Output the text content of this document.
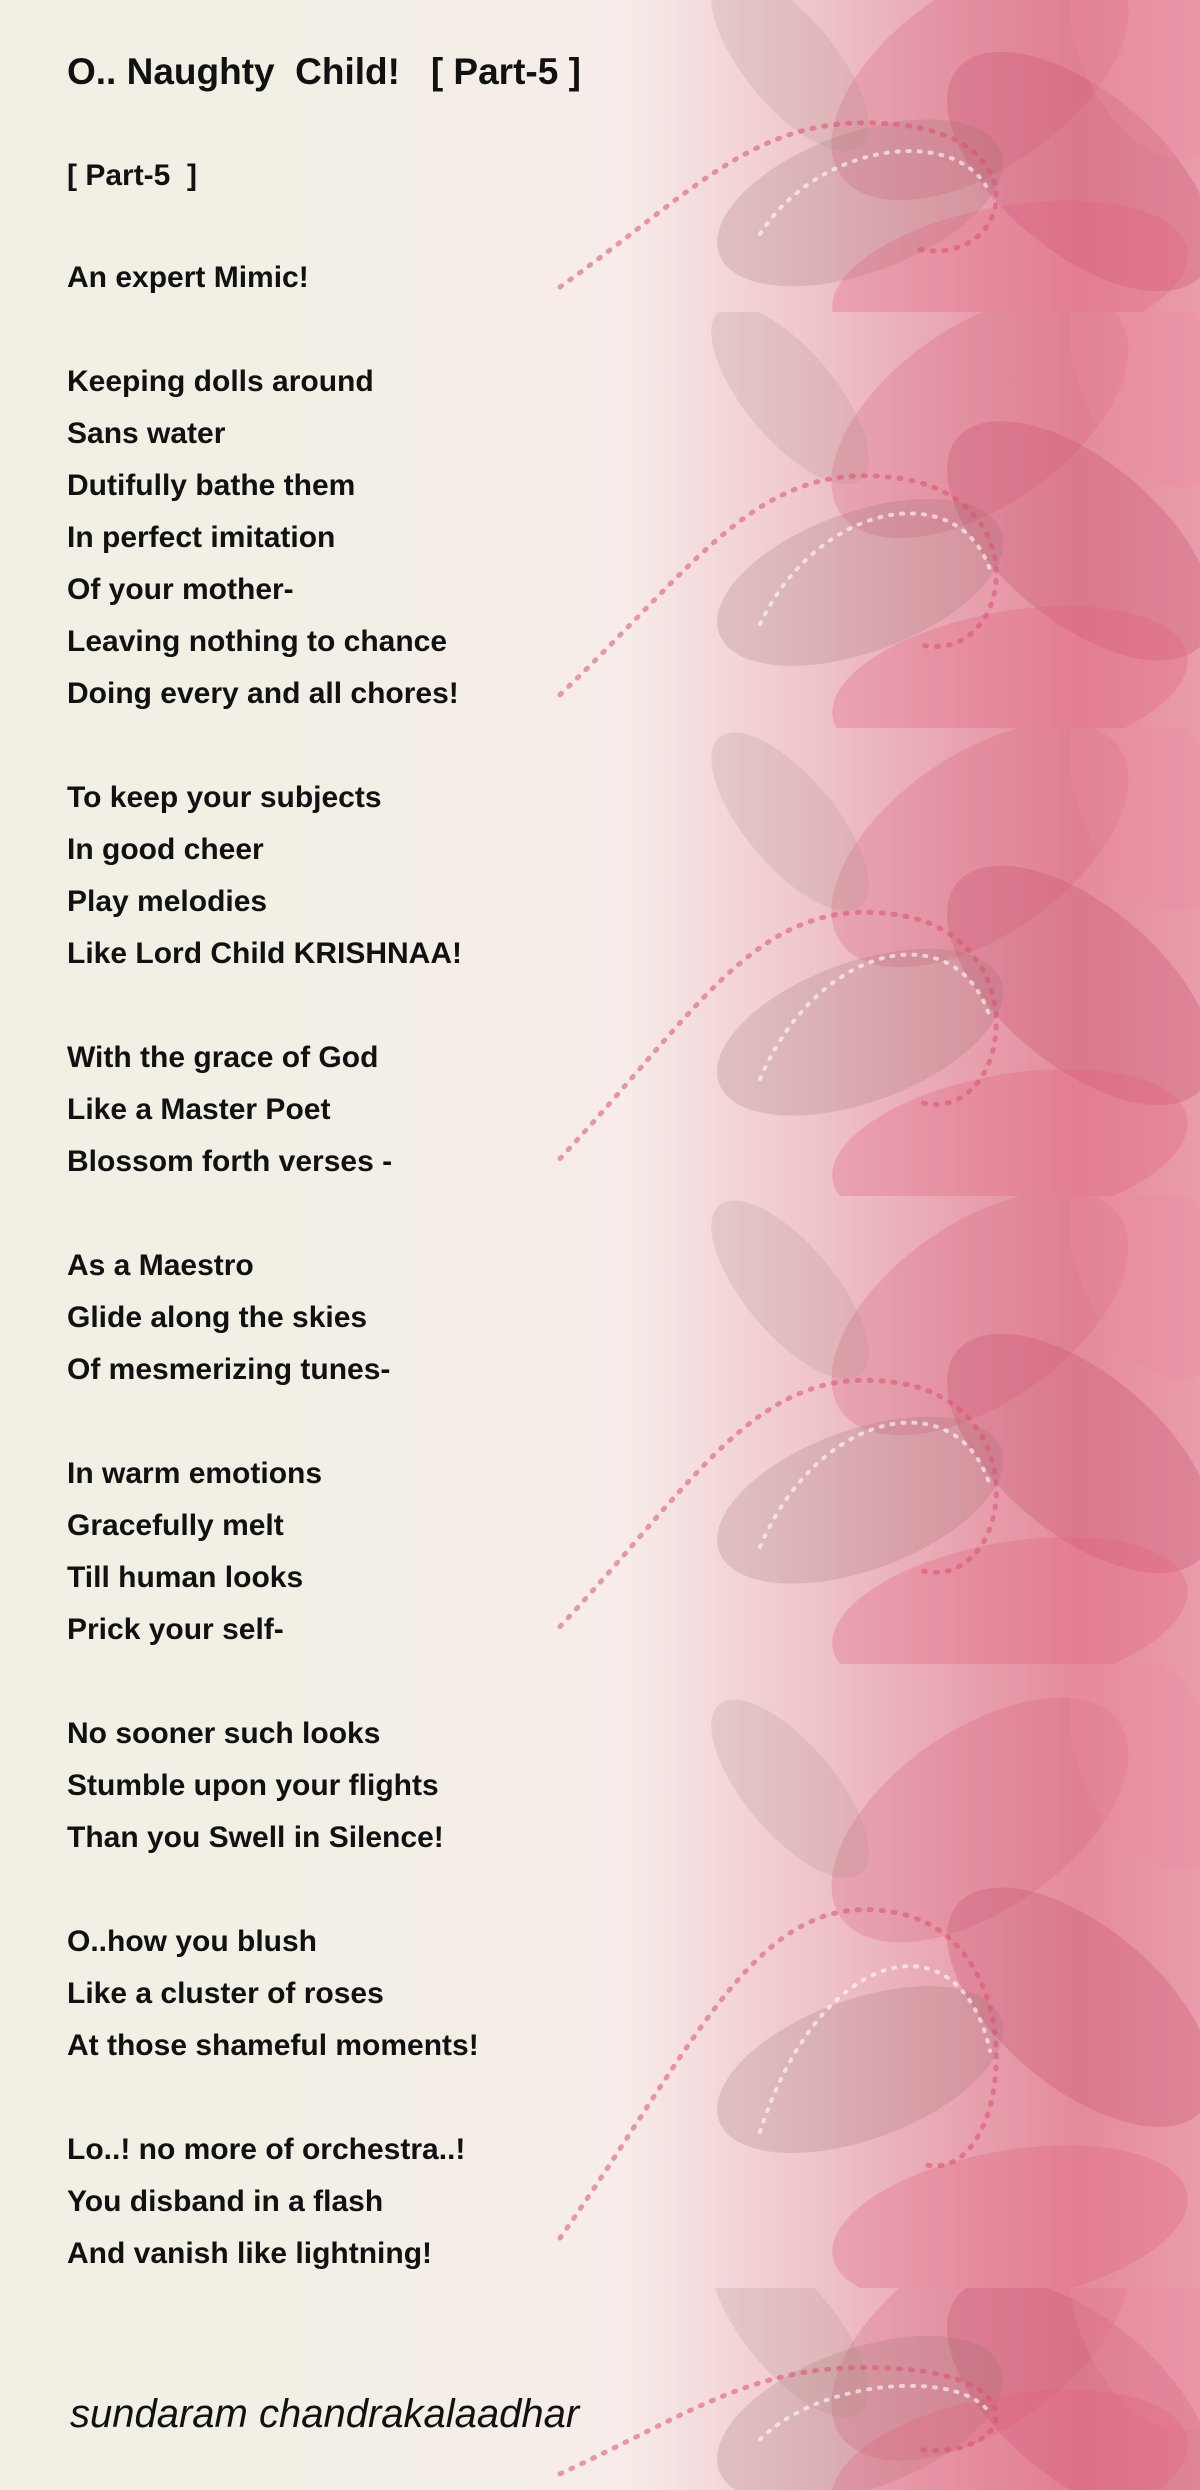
O.. Naughty  Child!   [ Part-5 ]
[ Part-5  ]
An expert Mimic!
Keeping dolls around
Sans water
Dutifully bathe them
In perfect imitation
Of your mother-
Leaving nothing to chance
Doing every and all chores!
To keep your subjects
In good cheer
Play melodies
Like Lord Child KRISHNAA!
With the grace of God
Like a Master Poet
Blossom forth verses -
As a Maestro
Glide along the skies
Of mesmerizing tunes-
In warm emotions
Gracefully melt
Till human looks
Prick your self-
No sooner such looks
Stumble upon your flights
Than you Swell in Silence!
O..how you blush
Like a cluster of roses
At those shameful moments!
Lo..! no more of orchestra..!
You disband in a flash
And vanish like lightning!
sundaram chandrakalaadhar
